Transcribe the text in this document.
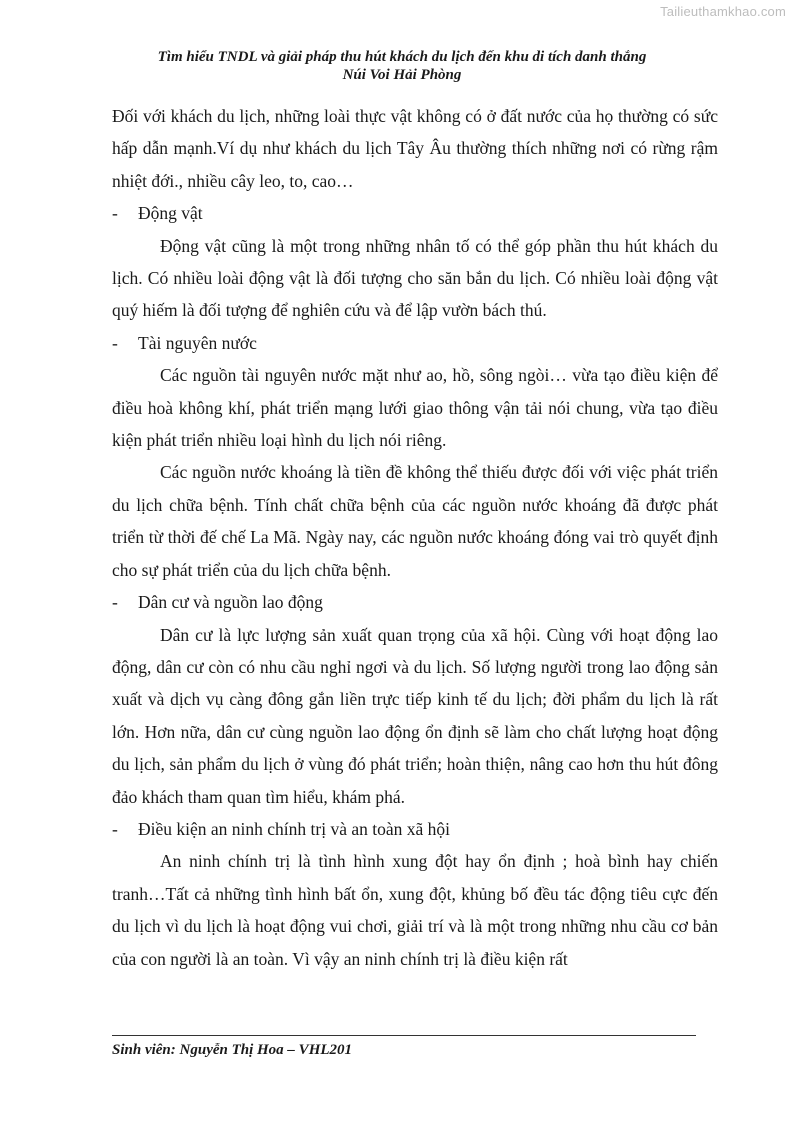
Tailieuthamkhao.com
Tìm hiểu TNDL và giải pháp thu hút khách du lịch đến khu di tích danh thắng
Núi Voi Hải Phòng

Đối với khách du lịch, những loài thực vật không có ở đất nước của họ thường có sức hấp dẫn mạnh.Ví dụ như khách du lịch Tây Âu thường thích những nơi có rừng rậm nhiệt đới., nhiều cây leo, to, cao…

-	Động vật

Động vật cũng là một trong những nhân tố có thể góp phần thu hút khách du lịch. Có nhiều loài động vật là đối tượng cho săn bắn du lịch. Có nhiều loài động vật quý hiếm là đối tượng để nghiên cứu và để lập vườn bách thú.

-	Tài nguyên nước

Các nguồn tài nguyên nước mặt như ao, hồ, sông ngòi… vừa tạo điều kiện để điều hoà không khí, phát triển mạng lưới giao thông vận tải nói chung, vừa tạo điều kiện phát triển nhiều loại hình du lịch nói riêng.

Các nguồn nước khoáng là tiền đề không thể thiếu được đối với việc phát triển du lịch chữa bệnh. Tính chất chữa bệnh của các nguồn nước khoáng đã được phát triển từ thời đế chế La Mã. Ngày nay, các nguồn nước khoáng đóng vai trò quyết định cho sự phát triển của du lịch chữa bệnh.

-	Dân cư và nguồn lao động

Dân cư là lực lượng sản xuất quan trọng của xã hội. Cùng với hoạt động lao động, dân cư còn có nhu cầu nghỉ ngơi và du lịch. Số lượng người trong lao động sản xuất và dịch vụ càng đông gắn liền trực tiếp kinh tế du lịch; đời phẩm du lịch là rất lớn. Hơn nữa, dân cư cùng nguồn lao động ổn định sẽ làm cho chất lượng hoạt động du lịch, sản phẩm du lịch ở vùng đó phát triển; hoàn thiện, nâng cao hơn thu hút đông đảo khách tham quan tìm hiểu, khám phá.

-	Điều kiện an ninh chính trị và an toàn xã hội

An ninh chính trị là tình hình xung đột hay ổn định ; hoà bình hay chiến tranh…Tất cả những tình hình bất ổn, xung đột, khủng bố đều tác động tiêu cực đến du lịch vì du lịch là hoạt động vui chơi, giải trí và là một trong những nhu cầu cơ bản của con người là an toàn. Vì vậy an ninh chính trị là điều kiện rất

Sinh viên: Nguyễn Thị Hoa – VHL201
